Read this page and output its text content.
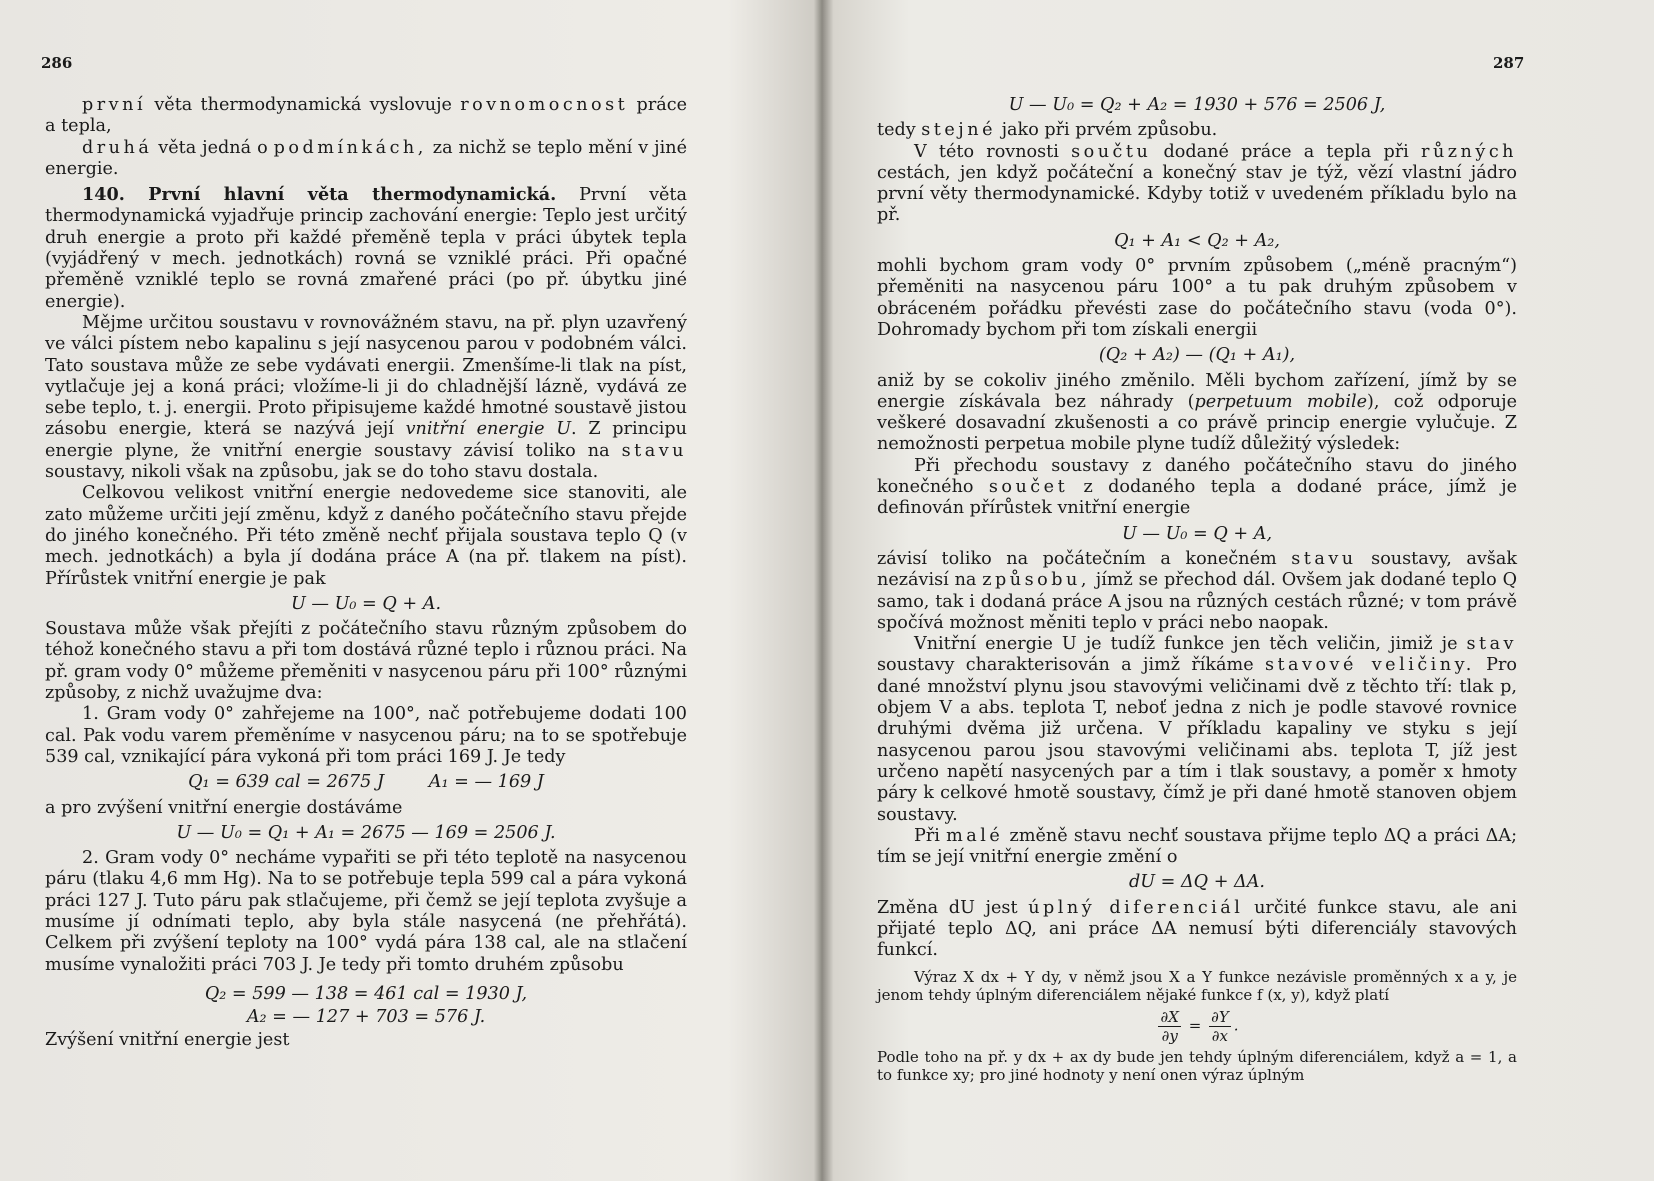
286

první věta thermodynamická vyslovuje rovnomocnost práce a tepla,

druhá věta jedná o podmínkách, za nichž se teplo mění v jiné energie.

140. První hlavní věta thermodynamická. První věta thermodynamická vyjadřuje princip zachování energie: Teplo jest určitý druh energie a proto při každé přeměně tepla v práci úbytek tepla (vyjádřený v mech. jednotkách) rovná se vzniklé práci. Při opačné přeměně vzniklé teplo se rovná zmařené práci (po př. úbytku jiné energie).

Mějme určitou soustavu v rovnovážném stavu, na př. plyn uzavřený ve válci pístem nebo kapalinu s její nasycenou parou v podobném válci. Tato soustava může ze sebe vydávati energii. Zmenšíme-li tlak na píst, vytlačuje jej a koná práci; vložíme-li ji do chladnější lázně, vydává ze sebe teplo, t. j. energii. Proto připisujeme každé hmotné soustavě jistou zásobu energie, která se nazývá její vnitřní energie U. Z principu energie plyne, že vnitřní energie soustavy závisí toliko na stavu soustavy, nikoli však na způsobu, jak se do toho stavu dostala.

Celkovou velikost vnitřní energie nedovedeme sice stanoviti, ale zato můžeme určiti její změnu, když z daného počátečního stavu přejde do jiného konečného. Při této změně nechť přijala soustava teplo Q (v mech. jednotkách) a byla jí dodána práce A (na př. tlakem na píst). Přírůstek vnitřní energie je pak

U — U₀ = Q + A.

Soustava může však přejíti z počátečního stavu různým způsobem do téhož konečného stavu a při tom dostává různé teplo i různou práci. Na př. gram vody 0° můžeme přeměniti v nasycenou páru při 100° různými způsoby, z nichž uvažujme dva:

1. Gram vody 0° zahřejeme na 100°, nač potřebujeme dodati 100 cal. Pak vodu varem přeměníme v nasycenou páru; na to se spotřebuje 539 cal, vznikající pára vykoná při tom práci 169 J. Je tedy

Q₁ = 639 cal = 2675 J        A₁ = — 169 J

a pro zvýšení vnitřní energie dostáváme

U — U₀ = Q₁ + A₁ = 2675 — 169 = 2506 J.

2. Gram vody 0° necháme vypařiti se při této teplotě na nasycenou páru (tlaku 4,6 mm Hg). Na to se potřebuje tepla 599 cal a pára vykoná práci 127 J. Tuto páru pak stlačujeme, při čemž se její teplota zvyšuje a musíme jí odnímati teplo, aby byla stále nasycená (ne přehřátá). Celkem při zvýšení teploty na 100° vydá pára 138 cal, ale na stlačení musíme vynaložiti práci 703 J. Je tedy při tomto druhém způsobu

Q₂ = 599 — 138 = 461 cal = 1930 J,

A₂ = — 127 + 703 = 576 J.

Zvýšení vnitřní energie jest

287

U — U₀ = Q₂ + A₂ = 1930 + 576 = 2506 J,

tedy stejné jako při prvém způsobu.

V této rovnosti součtu dodané práce a tepla při různých cestách, jen když počáteční a konečný stav je týž, vězí vlastní jádro první věty thermodynamické. Kdyby totiž v uvedeném příkladu bylo na př.

Q₁ + A₁ < Q₂ + A₂,

mohli bychom gram vody 0° prvním způsobem („méně pracným“) přeměniti na nasycenou páru 100° a tu pak druhým způsobem v obráceném pořádku převésti zase do počátečního stavu (voda 0°). Dohromady bychom při tom získali energii

(Q₂ + A₂) — (Q₁ + A₁),

aniž by se cokoliv jiného změnilo. Měli bychom zařízení, jímž by se energie získávala bez náhrady (perpetuum mobile), což odporuje veškeré dosavadní zkušenosti a co právě princip energie vylučuje. Z nemožnosti perpetua mobile plyne tudíž důležitý výsledek:

Při přechodu soustavy z daného počátečního stavu do jiného konečného součet z dodaného tepla a dodané práce, jímž je definován přírůstek vnitřní energie

U — U₀ = Q + A,

závisí toliko na počátečním a konečném stavu soustavy, avšak nezávisí na způsobu, jímž se přechod dál. Ovšem jak dodané teplo Q samo, tak i dodaná práce A jsou na různých cestách různé; v tom právě spočívá možnost měniti teplo v práci nebo naopak.

Vnitřní energie U je tudíž funkce jen těch veličin, jimiž je stav soustavy charakterisován a jimž říkáme stavové veličiny. Pro dané množství plynu jsou stavovými veličinami dvě z těchto tří: tlak p, objem V a abs. teplota T, neboť jedna z nich je podle stavové rovnice druhými dvěma již určena. V příkladu kapaliny ve styku s její nasycenou parou jsou stavovými veličinami abs. teplota T, jíž jest určeno napětí nasycených par a tím i tlak soustavy, a poměr x hmoty páry k celkové hmotě soustavy, čímž je při dané hmotě stanoven objem soustavy.

Při malé změně stavu nechť soustava přijme teplo ΔQ a práci ΔA; tím se její vnitřní energie změní o

dU = ΔQ + ΔA.

Změna dU jest úplný diferenciál určité funkce stavu, ale ani přijaté teplo ΔQ, ani práce ΔA nemusí býti diferenciály stavových funkcí.

Výraz X dx + Y dy, v němž jsou X a Y funkce nezávisle proměnných x a y, je jenom tehdy úplným diferenciálem nějaké funkce f (x, y), když platí

$\frac{\partial X}{\partial y} = \frac{\partial Y}{\partial x}$ .

Podle toho na př. y dx + ax dy bude jen tehdy úplným diferenciálem, když a = 1, a to funkce xy; pro jiné hodnoty y není onen výraz úplným
